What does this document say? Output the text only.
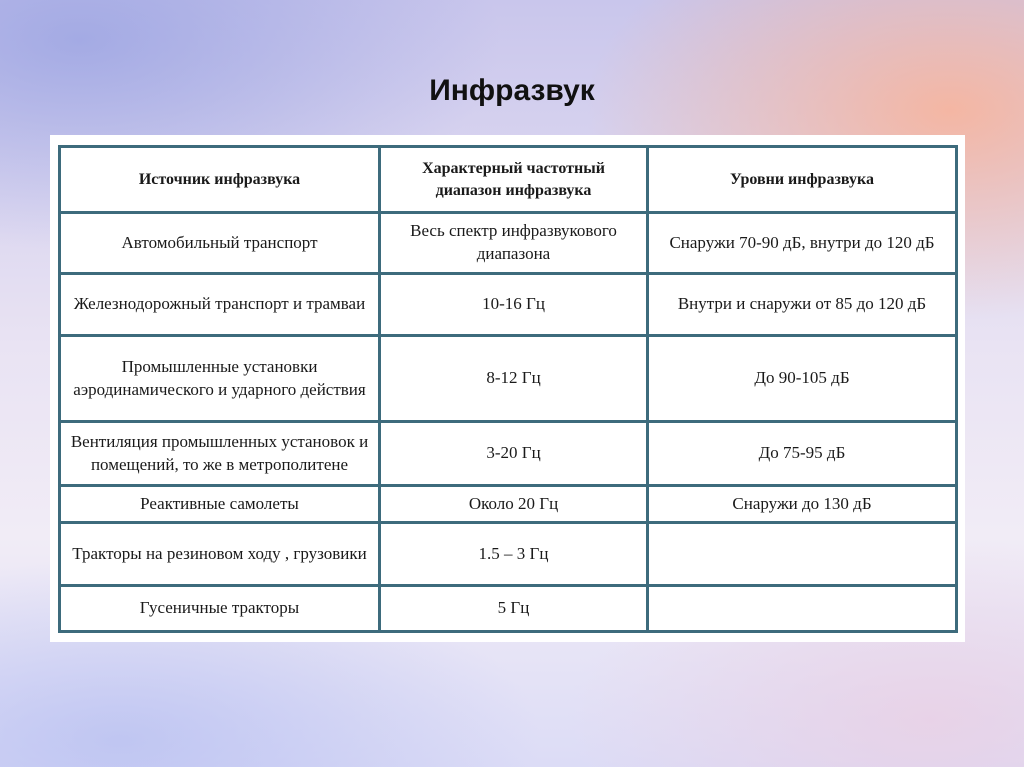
Инфразвук
Источник инфразвука	Характерный частотный диапазон инфразвука	Уровни инфразвука
Автомобильный транспорт	Весь спектр инфразвукового диапазона	Снаружи 70-90 дБ, внутри до 120 дБ
Железнодорожный транспорт и трамваи	10-16 Гц	Внутри и снаружи от 85 до 120 дБ
Промышленные установки аэродинамического и ударного действия	8-12 Гц	До 90-105 дБ
Вентиляция промышленных установок и помещений, то же в метрополитене	3-20 Гц	До 75-95 дБ
Реактивные самолеты	Около 20 Гц	Снаружи до 130 дБ
Тракторы на резиновом ходу , грузовики	1.5 – 3 Гц	
Гусеничные тракторы	5 Гц	
